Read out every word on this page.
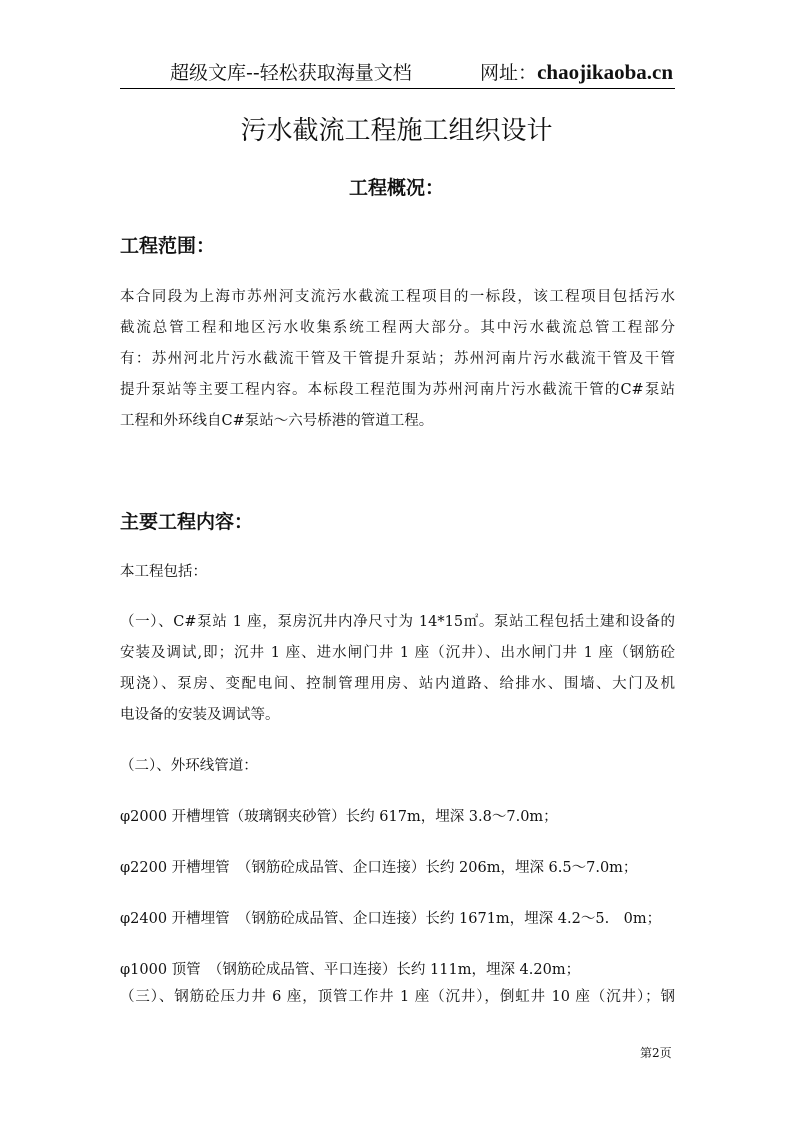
超级文库--轻松获取海量文档	网址：chaojikaoba.cn
污水截流工程施工组织设计
工程概况：
工程范围：
本合同段为上海市苏州河支流污水截流工程项目的一标段，该工程项目包括污水
截流总管工程和地区污水收集系统工程两大部分。其中污水截流总管工程部分
有：苏州河北片污水截流干管及干管提升泵站；苏州河南片污水截流干管及干管
提升泵站等主要工程内容。本标段工程范围为苏州河南片污水截流干管的C#泵站
工程和外环线自C#泵站～六号桥港的管道工程。
主要工程内容：
本工程包括：
（一）、C#泵站 1 座，泵房沉井内净尺寸为 14*15㎡。泵站工程包括土建和设备的
安装及调试,即；沉井 1 座、进水闸门井 1 座（沉井）、出水闸门井 1 座（钢筋砼
现浇）、泵房、变配电间、控制管理用房、站内道路、给排水、围墙、大门及机
电设备的安装及调试等。
（二）、外环线管道：
φ2000 开槽埋管（玻璃钢夹砂管）长约 617m，埋深 3.8～7.0m；
φ2200 开槽埋管　（钢筋砼成品管、企口连接）长约 206m，埋深 6.5～7.0m；
φ2400 开槽埋管　（钢筋砼成品管、企口连接）长约 1671m，埋深 4.2～5.　0m；
φ1000 顶管　（钢筋砼成品管、平口连接）长约 111m，埋深 4.20m；
（三）、钢筋砼压力井 6 座，顶管工作井 1 座（沉井），倒虹井 10 座（沉井）；钢
第2页
